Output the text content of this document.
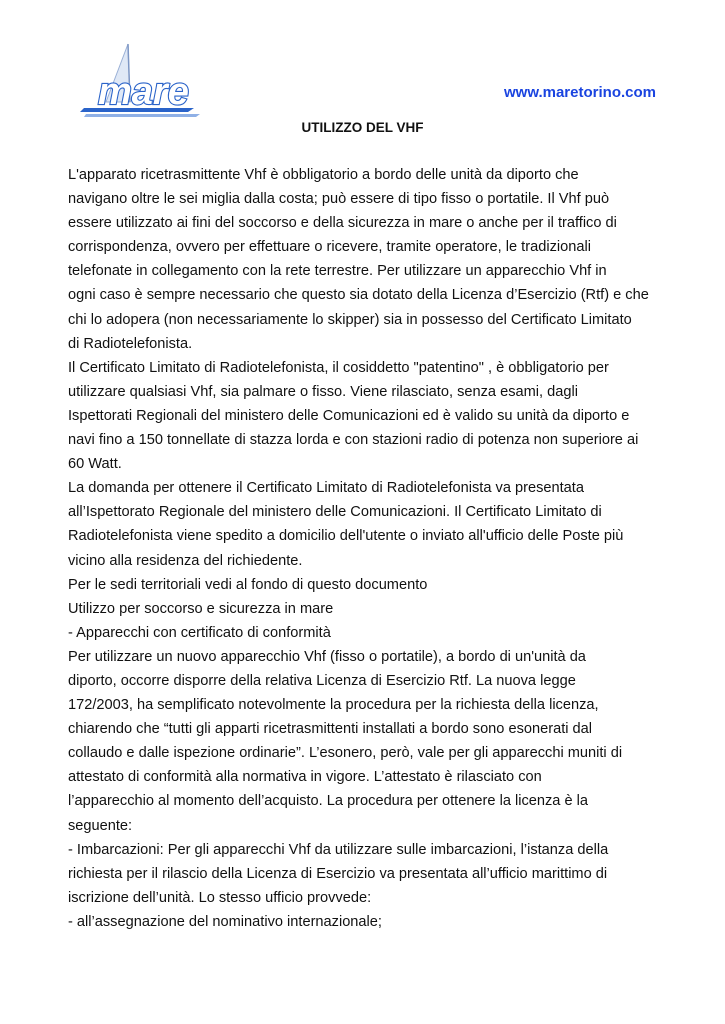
mare	www.maretorino.com
UTILIZZO DEL VHF
L'apparato ricetrasmittente Vhf è obbligatorio a bordo delle unità da diporto che
navigano oltre le sei miglia dalla costa; può essere di tipo fisso o portatile. Il Vhf può
essere utilizzato ai fini del soccorso e della sicurezza in mare o anche per il traffico di
corrispondenza, ovvero per effettuare o ricevere, tramite operatore, le tradizionali
telefonate in collegamento con la rete terrestre. Per utilizzare un apparecchio Vhf in
ogni caso è sempre necessario che questo sia dotato della Licenza d’Esercizio (Rtf) e che
chi lo adopera (non necessariamente lo skipper) sia in possesso del Certificato Limitato
di Radiotelefonista.
Il Certificato Limitato di Radiotelefonista, il cosiddetto "patentino" , è obbligatorio per
utilizzare qualsiasi Vhf, sia palmare o fisso. Viene rilasciato, senza esami, dagli
Ispettorati Regionali del ministero delle Comunicazioni ed è valido su unità da diporto e
navi fino a 150 tonnellate di stazza lorda e con stazioni radio di potenza non superiore ai
60 Watt.
La domanda per ottenere il Certificato Limitato di Radiotelefonista va presentata
all’Ispettorato Regionale del ministero delle Comunicazioni. Il Certificato Limitato di
Radiotelefonista viene spedito a domicilio dell'utente o inviato all'ufficio delle Poste più
vicino alla residenza del richiedente.
Per le sedi territoriali vedi al fondo di questo documento
Utilizzo per soccorso e sicurezza in mare
- Apparecchi con certificato di conformità
Per utilizzare un nuovo apparecchio Vhf (fisso o portatile), a bordo di un'unità da
diporto, occorre disporre della relativa Licenza di Esercizio Rtf. La nuova legge
172/2003, ha semplificato notevolmente la procedura per la richiesta della licenza,
chiarendo che “tutti gli apparti ricetrasmittenti installati a bordo sono esonerati dal
collaudo e dalle ispezione ordinarie”. L’esonero, però, vale per gli apparecchi muniti di
attestato di conformità alla normativa in vigore. L’attestato è rilasciato con
l’apparecchio al momento dell’acquisto. La procedura per ottenere la licenza è la
seguente:
- Imbarcazioni: Per gli apparecchi Vhf da utilizzare sulle imbarcazioni, l’istanza della
richiesta per il rilascio della Licenza di Esercizio va presentata all’ufficio marittimo di
iscrizione dell’unità. Lo stesso ufficio provvede:
- all’assegnazione del nominativo internazionale;
